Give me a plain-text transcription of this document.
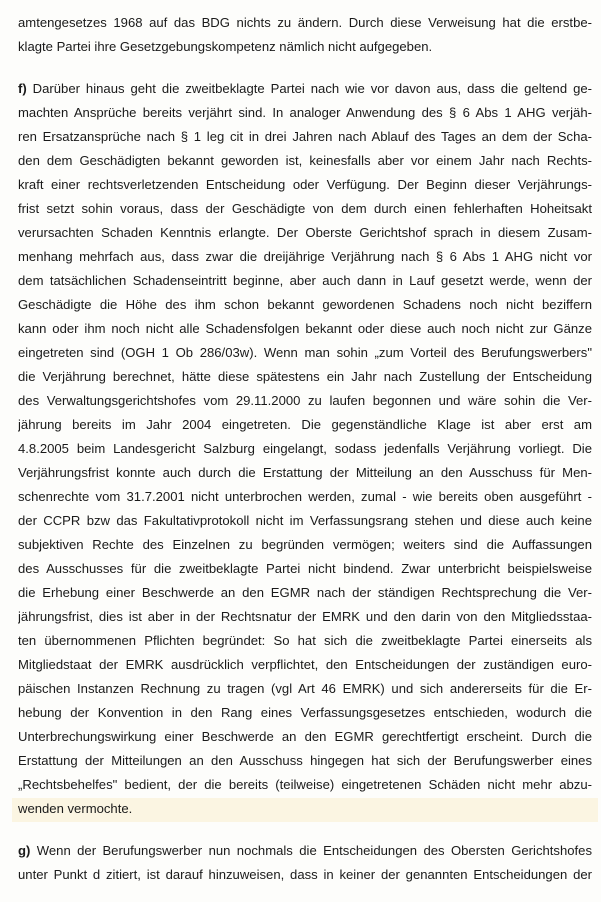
amtengesetzes 1968 auf das BDG nichts zu ändern. Durch diese Verweisung hat die erstbe-
klagte Partei ihre Gesetzgebungskompetenz nämlich nicht aufgegeben.
f) Darüber hinaus geht die zweitbeklagte Partei nach wie vor davon aus, dass die geltend ge-
machten Ansprüche bereits verjährt sind. In analoger Anwendung des § 6 Abs 1 AHG verjäh-
ren Ersatzansprüche nach § 1 leg cit in drei Jahren nach Ablauf des Tages an dem der Scha-
den dem Geschädigten bekannt geworden ist, keinesfalls aber vor einem Jahr nach Rechts-
kraft einer rechtsverletzenden Entscheidung oder Verfügung. Der Beginn dieser Verjährungs-
frist setzt sohin voraus, dass der Geschädigte von dem durch einen fehlerhaften Hoheitsakt
verursachten Schaden Kenntnis erlangte. Der Oberste Gerichtshof sprach in diesem Zusam-
menhang mehrfach aus, dass zwar die dreijährige Verjährung nach § 6 Abs 1 AHG nicht vor
dem tatsächlichen Schadenseintritt beginne, aber auch dann in Lauf gesetzt werde, wenn der
Geschädigte die Höhe des ihm schon bekannt gewordenen Schadens noch nicht beziffern
kann oder ihm noch nicht alle Schadensfolgen bekannt oder diese auch noch nicht zur Gänze
eingetreten sind (OGH 1 Ob 286/03w). Wenn man sohin „zum Vorteil des Berufungswerbers"
die Verjährung berechnet, hätte diese spätestens ein Jahr nach Zustellung der Entscheidung
des Verwaltungsgerichtshofes vom 29.11.2000 zu laufen begonnen und wäre sohin die Ver-
jährung bereits im Jahr 2004 eingetreten. Die gegenständliche Klage ist aber erst am
4.8.2005 beim Landesgericht Salzburg eingelangt, sodass jedenfalls Verjährung vorliegt. Die
Verjährungsfrist konnte auch durch die Erstattung der Mitteilung an den Ausschuss für Men-
schenrechte vom 31.7.2001 nicht unterbrochen werden, zumal - wie bereits oben ausgeführt -
der CCPR bzw das Fakultativprotokoll nicht im Verfassungsrang stehen und diese auch keine
subjektiven Rechte des Einzelnen zu begründen vermögen; weiters sind die Auffassungen
des Ausschusses für die zweitbeklagte Partei nicht bindend. Zwar unterbricht beispielsweise
die Erhebung einer Beschwerde an den EGMR nach der ständigen Rechtsprechung die Ver-
jährungsfrist, dies ist aber in der Rechtsnatur der EMRK und den darin von den Mitgliedsstaa-
ten übernommenen Pflichten begründet: So hat sich die zweitbeklagte Partei einerseits als
Mitgliedstaat der EMRK ausdrücklich verpflichtet, den Entscheidungen der zuständigen euro-
päischen Instanzen Rechnung zu tragen (vgl Art 46 EMRK) und sich andererseits für die Er-
hebung der Konvention in den Rang eines Verfassungsgesetzes entschieden, wodurch die
Unterbrechungswirkung einer Beschwerde an den EGMR gerechtfertigt erscheint. Durch die
Erstattung der Mitteilungen an den Ausschuss hingegen hat sich der Berufungswerber eines
„Rechtsbehelfes" bedient, der die bereits (teilweise) eingetretenen Schäden nicht mehr abzu-
wenden vermochte.
g) Wenn der Berufungswerber nun nochmals die Entscheidungen des Obersten Gerichtshofes
unter Punkt d zitiert, ist darauf hinzuweisen, dass in keiner der genannten Entscheidungen der
